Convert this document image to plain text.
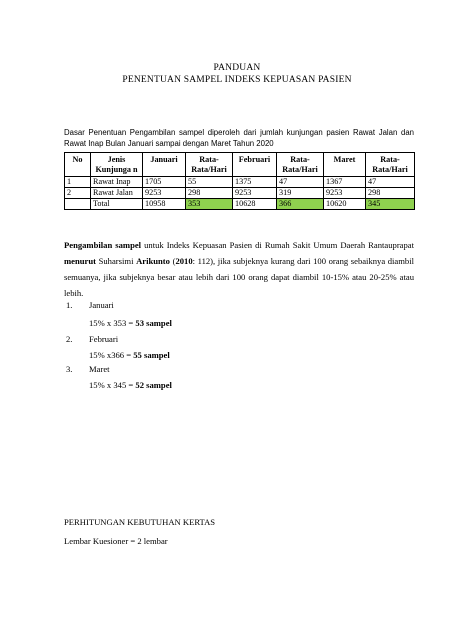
PANDUAN
PENENTUAN SAMPEL INDEKS KEPUASAN PASIEN
Dasar Penentuan Pengambilan sampel diperoleh dari jumlah kunjungan pasien Rawat Jalan dan Rawat Inap Bulan Januari sampai dengan Maret Tahun 2020
No	Jenis Kunjunga n	Januari	Rata-Rata/Hari	Februari	Rata-Rata/Hari	Maret	Rata-Rata/Hari
1	Rawat Inap	1705	55	1375	47	1367	47
2	Rawat Jalan	9253	298	9253	319	9253	298
	Total	10958	353	10628	366	10620	345
Pengambilan sampel untuk Indeks Kepuasan Pasien di Rumah Sakit Umum Daerah Rantauprapat menurut Suharsimi Arikunto (2010: 112), jika subjeknya kurang dari 100 orang sebaiknya diambil semuanya, jika subjeknya besar atau lebih dari 100 orang dapat diambil 10-15% atau 20-25% atau lebih.
1. Januari
15% x 353 = 53 sampel
2. Februari
15% x366 = 55 sampel
3. Maret
15% x 345 = 52 sampel
PERHITUNGAN KEBUTUHAN KERTAS
Lembar Kuesioner = 2 lembar
